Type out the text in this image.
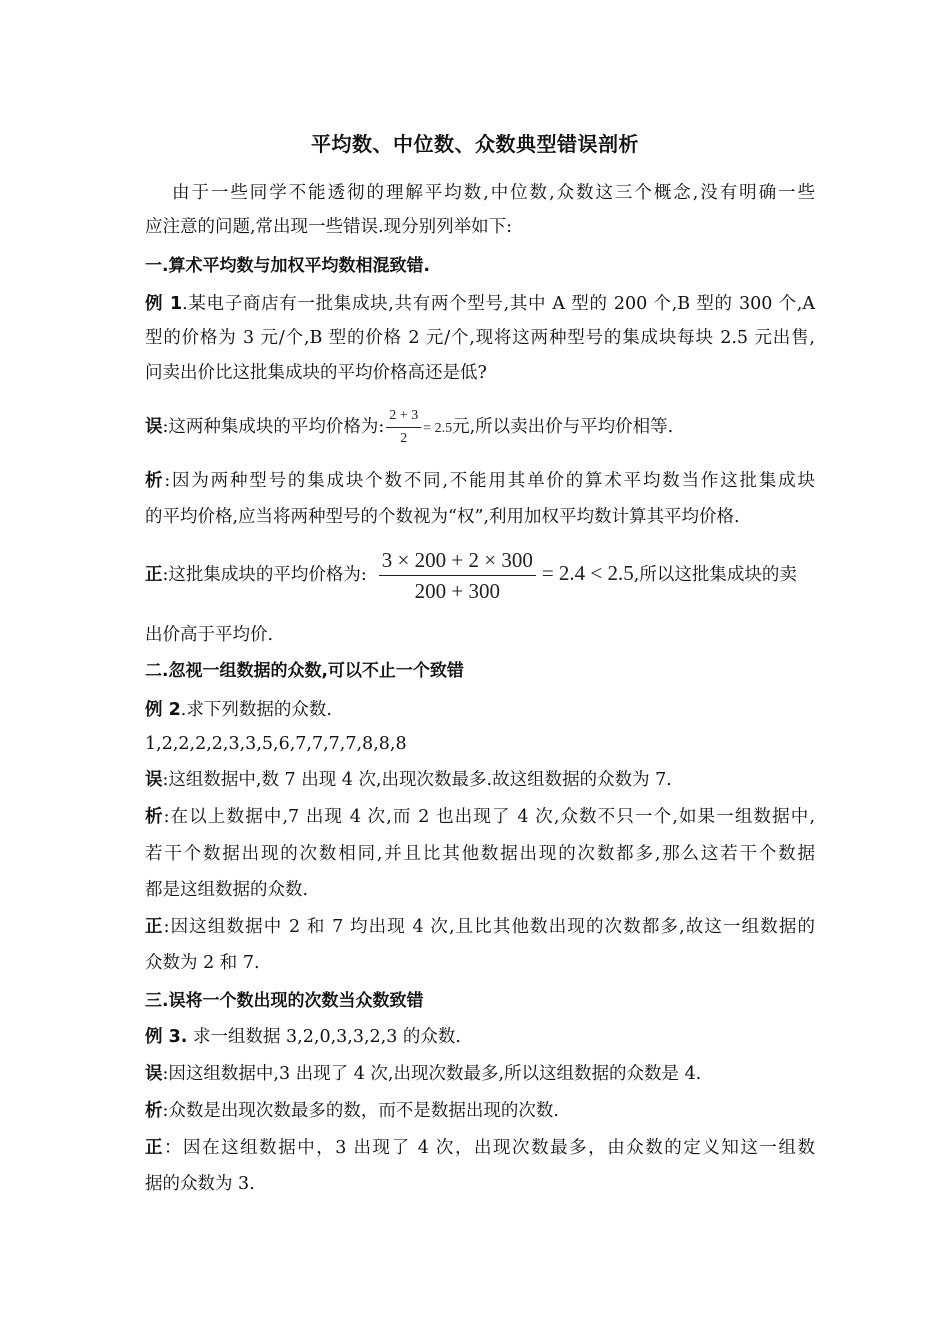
平均数、中位数、众数典型错误剖析
由于一些同学不能透彻的理解平均数,中位数,众数这三个概念,没有明确一些
应注意的问题,常出现一些错误.现分别列举如下:
一.算术平均数与加权平均数相混致错.
例 1.某电子商店有一批集成块,共有两个型号,其中 A 型的 200 个,B 型的 300 个,A
型的价格为 3 元/个,B 型的价格 2 元/个,现将这两种型号的集成块每块 2.5 元出售,
问卖出价比这批集成块的平均价格高还是低?
误:这两种集成块的平均价格为: $\frac{2 + 3}{2} = 2.5$元,所以卖出价与平均价相等.
析:因为两种型号的集成块个数不同,不能用其单价的算术平均数当作这批集成块
的平均价格,应当将两种型号的个数视为“权”,利用加权平均数计算其平均价格.
正:这批集成块的平均价格为: $\frac{3 \times 200 + 2 \times 300}{200 + 300} = 2.4 < 2.5$,所以这批集成块的卖
出价高于平均价.
二.忽视一组数据的众数,可以不止一个致错
例 2.求下列数据的众数.
1,2,2,2,2,3,3,5,6,7,7,7,7,8,8,8
误:这组数据中,数 7 出现 4 次,出现次数最多.故这组数据的众数为 7.
析:在以上数据中,7 出现 4 次,而 2 也出现了 4 次,众数不只一个,如果一组数据中,
若干个数据出现的次数相同,并且比其他数据出现的次数都多,那么这若干个数据
都是这组数据的众数.
正:因这组数据中 2 和 7 均出现 4 次,且比其他数出现的次数都多,故这一组数据的
众数为 2 和 7.
三.误将一个数出现的次数当众数致错
例 3. 求一组数据 3,2,0,3,3,2,3 的众数.
误:因这组数据中,3 出现了 4 次,出现次数最多,所以这组数据的众数是 4.
析:众数是出现次数最多的数，而不是数据出现的次数.
正：因在这组数据中，3 出现了 4 次，出现次数最多，由众数的定义知这一组数
据的众数为 3.
